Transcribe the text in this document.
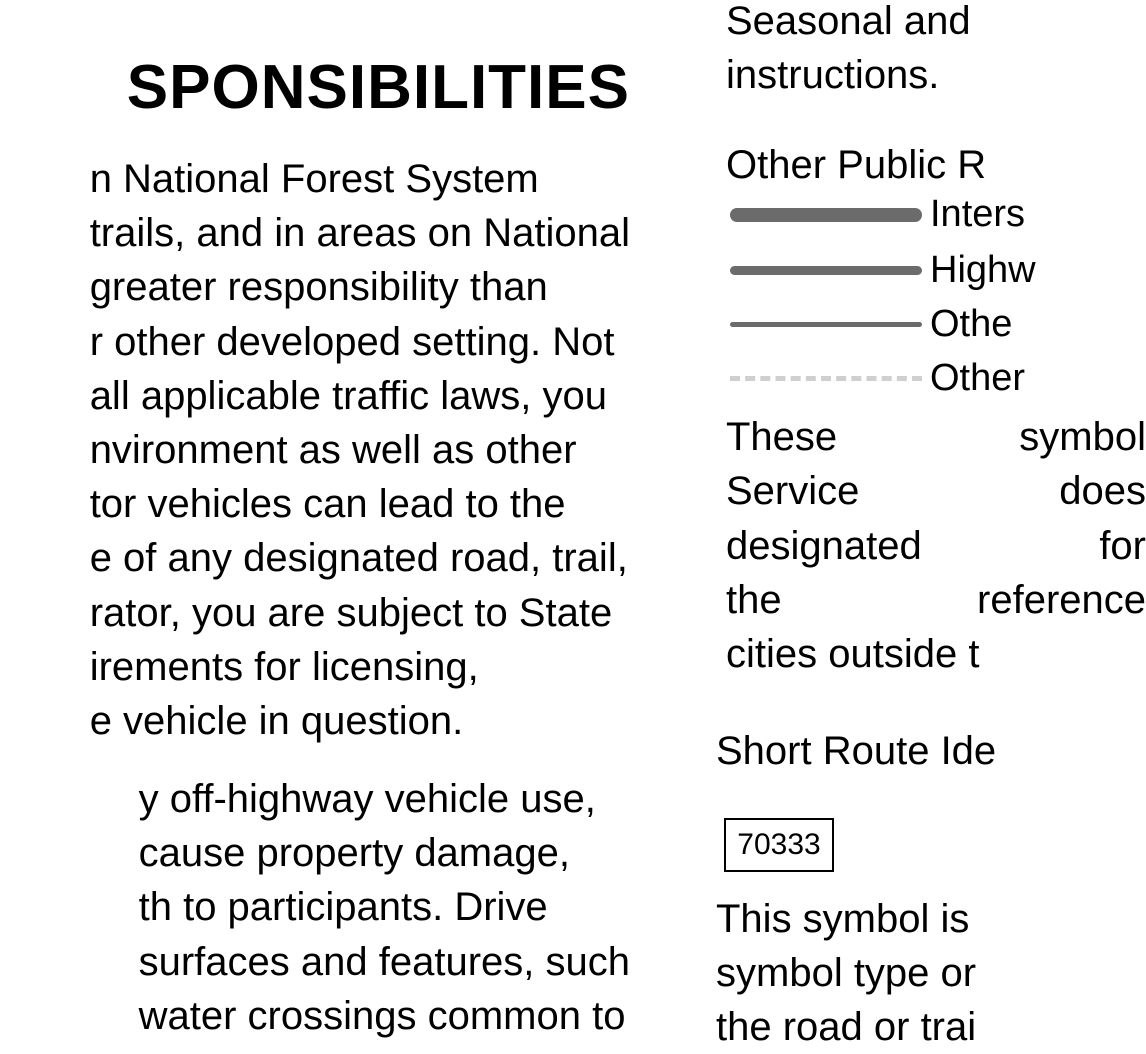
SPONSIBILITIES
n National Forest System
trails, and in areas on National
greater responsibility than
r other developed setting. Not
all applicable traffic laws, you
nvironment as well as other
tor vehicles can lead to the
e of any designated road, trail,
rator, you are subject to State
irements for licensing,
e vehicle in question.
y off-highway vehicle use,
cause property damage,
th to participants. Drive
surfaces and features, such
water crossings common to
Seasonal and
instructions.
Other Public R
Inters
Highw
Othe
Other
These	symbol
Service	does
designated	for
the	reference
cities outside t
Short Route Ide
70333
This symbol is
symbol type or
the road or trai
